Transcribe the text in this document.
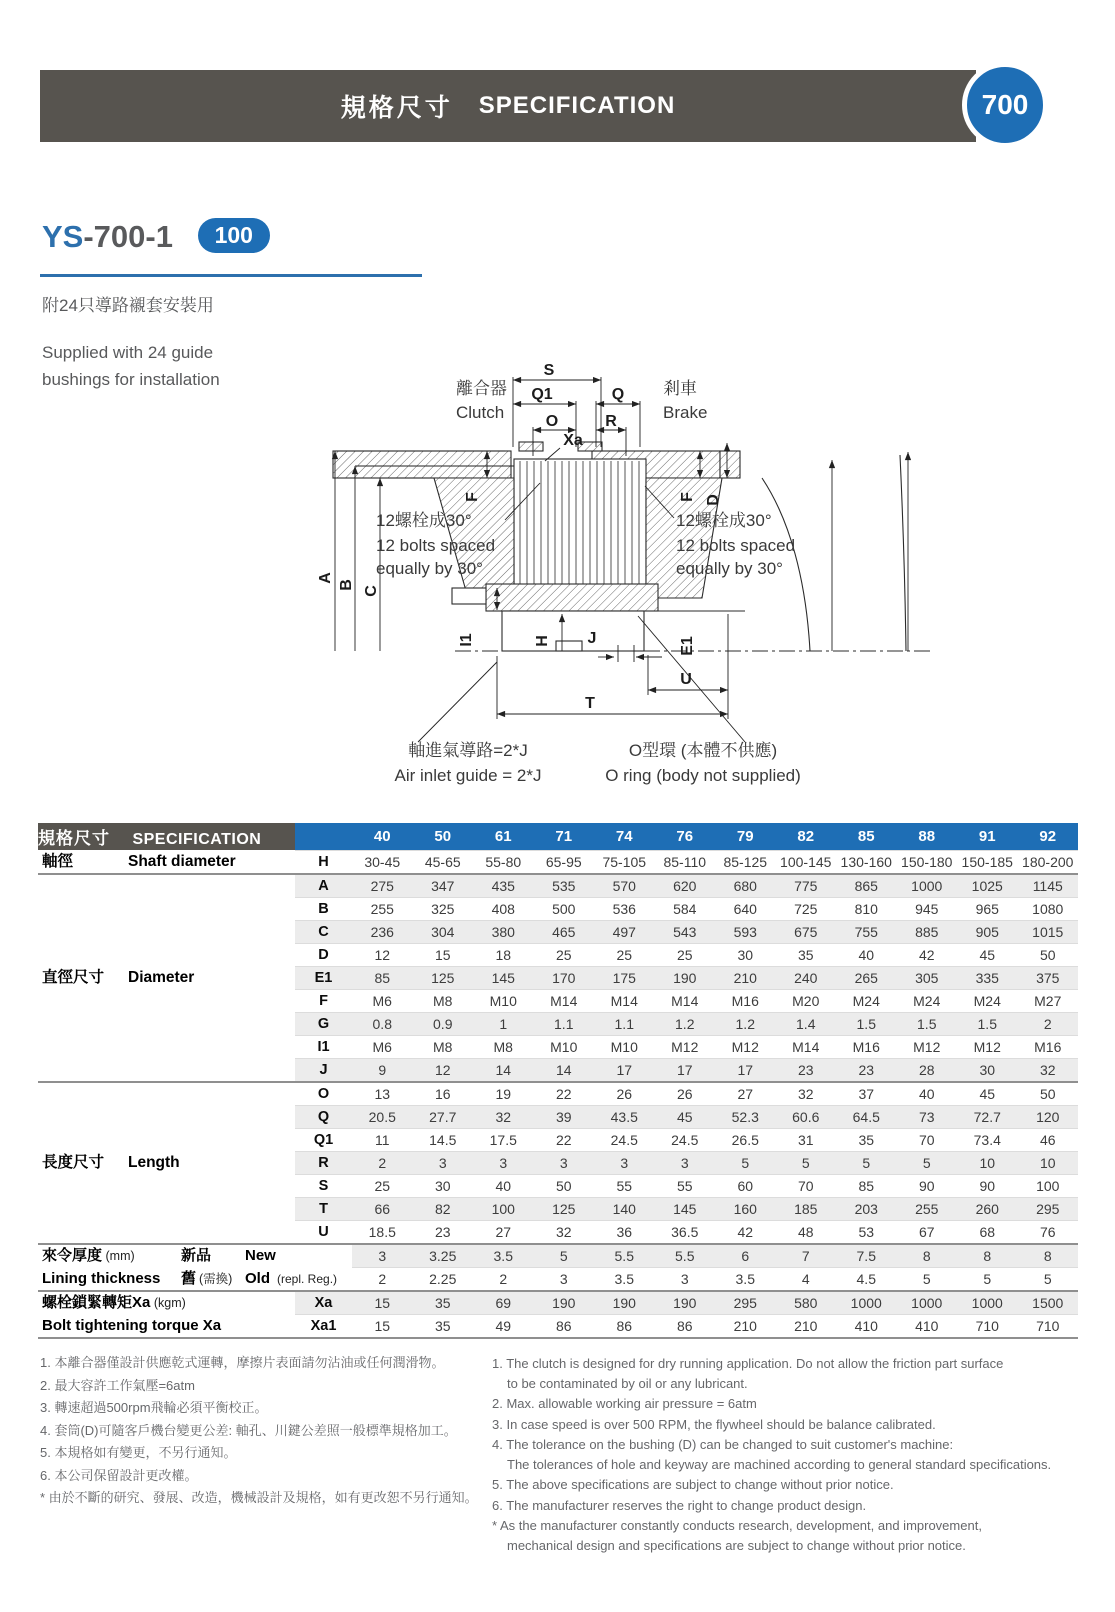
規格尺寸 SPECIFICATION	700
YS-700-1 100
附24只導路襯套安裝用
Supplied with 24 guide
bushings for installation	離合器
Clutch
剎車
Brake
S
Q1
O
Q
R
Xa
F	F D
A
B
C
I1	H J	E1
U
T
12螺栓成30°
12 bolts spaced
equally by 30°
12螺栓成30°
12 bolts spaced
equally by 30°
軸進氣導路=2*J
Air inlet guide = 2*J
O型環 (本體不供應)
O ring (body not supplied)
規格尺寸 SPECIFICATION		40	50	61	71	74	76	79	82	85	88	91	92
軸徑 Shaft diameter	H	30-45	45-65	55-80	65-95	75-105	85-110	85-125	100-145	130-160	150-180	150-185	180-200
直徑尺寸 Diameter	A	275	347	435	535	570	620	680	775	865	1000	1025	1145
	B	255	325	408	500	536	584	640	725	810	945	965	1080
	C	236	304	380	465	497	543	593	675	755	885	905	1015
	D	12	15	18	25	25	25	30	35	40	42	45	50
	E1	85	125	145	170	175	190	210	240	265	305	335	375
	F	M6	M8	M10	M14	M14	M14	M16	M20	M24	M24	M24	M27
	G	0.8	0.9	1	1.1	1.1	1.2	1.2	1.4	1.5	1.5	1.5	2
	I1	M6	M8	M8	M10	M10	M12	M12	M14	M16	M12	M12	M16
	J	9	12	14	14	17	17	17	23	23	28	30	32
長度尺寸 Length	O	13	16	19	22	26	26	27	32	37	40	45	50
	Q	20.5	27.7	32	39	43.5	45	52.3	60.6	64.5	73	72.7	120
	Q1	11	14.5	17.5	22	24.5	24.5	26.5	31	35	70	73.4	46
	R	2	3	3	3	3	3	5	5	5	5	10	10
	S	25	30	40	50	55	55	60	70	85	90	90	100
	T	66	82	100	125	140	145	160	185	203	255	260	295
	U	18.5	23	27	32	36	36.5	42	48	53	67	68	76
來令厚度 (mm) 新品 New		3	3.25	3.5	5	5.5	5.5	6	7	7.5	8	8	8
Lining thickness 舊 (需換) Old (repl. Reg.)		2	2.25	2	3	3.5	3	3.5	4	4.5	5	5	5
螺栓鎖緊轉矩Xa (kgm)	Xa	15	35	69	190	190	190	295	580	1000	1000	1000	1500
Bolt tightening torque Xa	Xa1	15	35	49	86	86	86	210	210	410	410	710	710
1. 本離合器僅設計供應乾式運轉，摩擦片表面請勿沾油或任何潤滑物。
2. 最大容許工作氣壓=6atm
3. 轉速超過500rpm飛輪必須平衡校正。
4. 套筒(D)可隨客戶機台變更公差: 軸孔、川鍵公差照一般標準規格加工。
5. 本規格如有變更，不另行通知。
6. 本公司保留設計更改權。
* 由於不斷的研究、發展、改造，機械設計及規格，如有更改恕不另行通知。
1. The clutch is designed for dry running application. Do not allow the friction part surface
to be contaminated by oil or any lubricant.
2. Max. allowable working air pressure = 6atm
3. In case speed is over 500 RPM, the flywheel should be balance calibrated.
4. The tolerance on the bushing (D) can be changed to suit customer's machine:
The tolerances of hole and keyway are machined according to general standard specifications.
5. The above specifications are subject to change without prior notice.
6. The manufacturer reserves the right to change product design.
* As the manufacturer constantly conducts research, development, and improvement,
mechanical design and specifications are subject to change without prior notice.
